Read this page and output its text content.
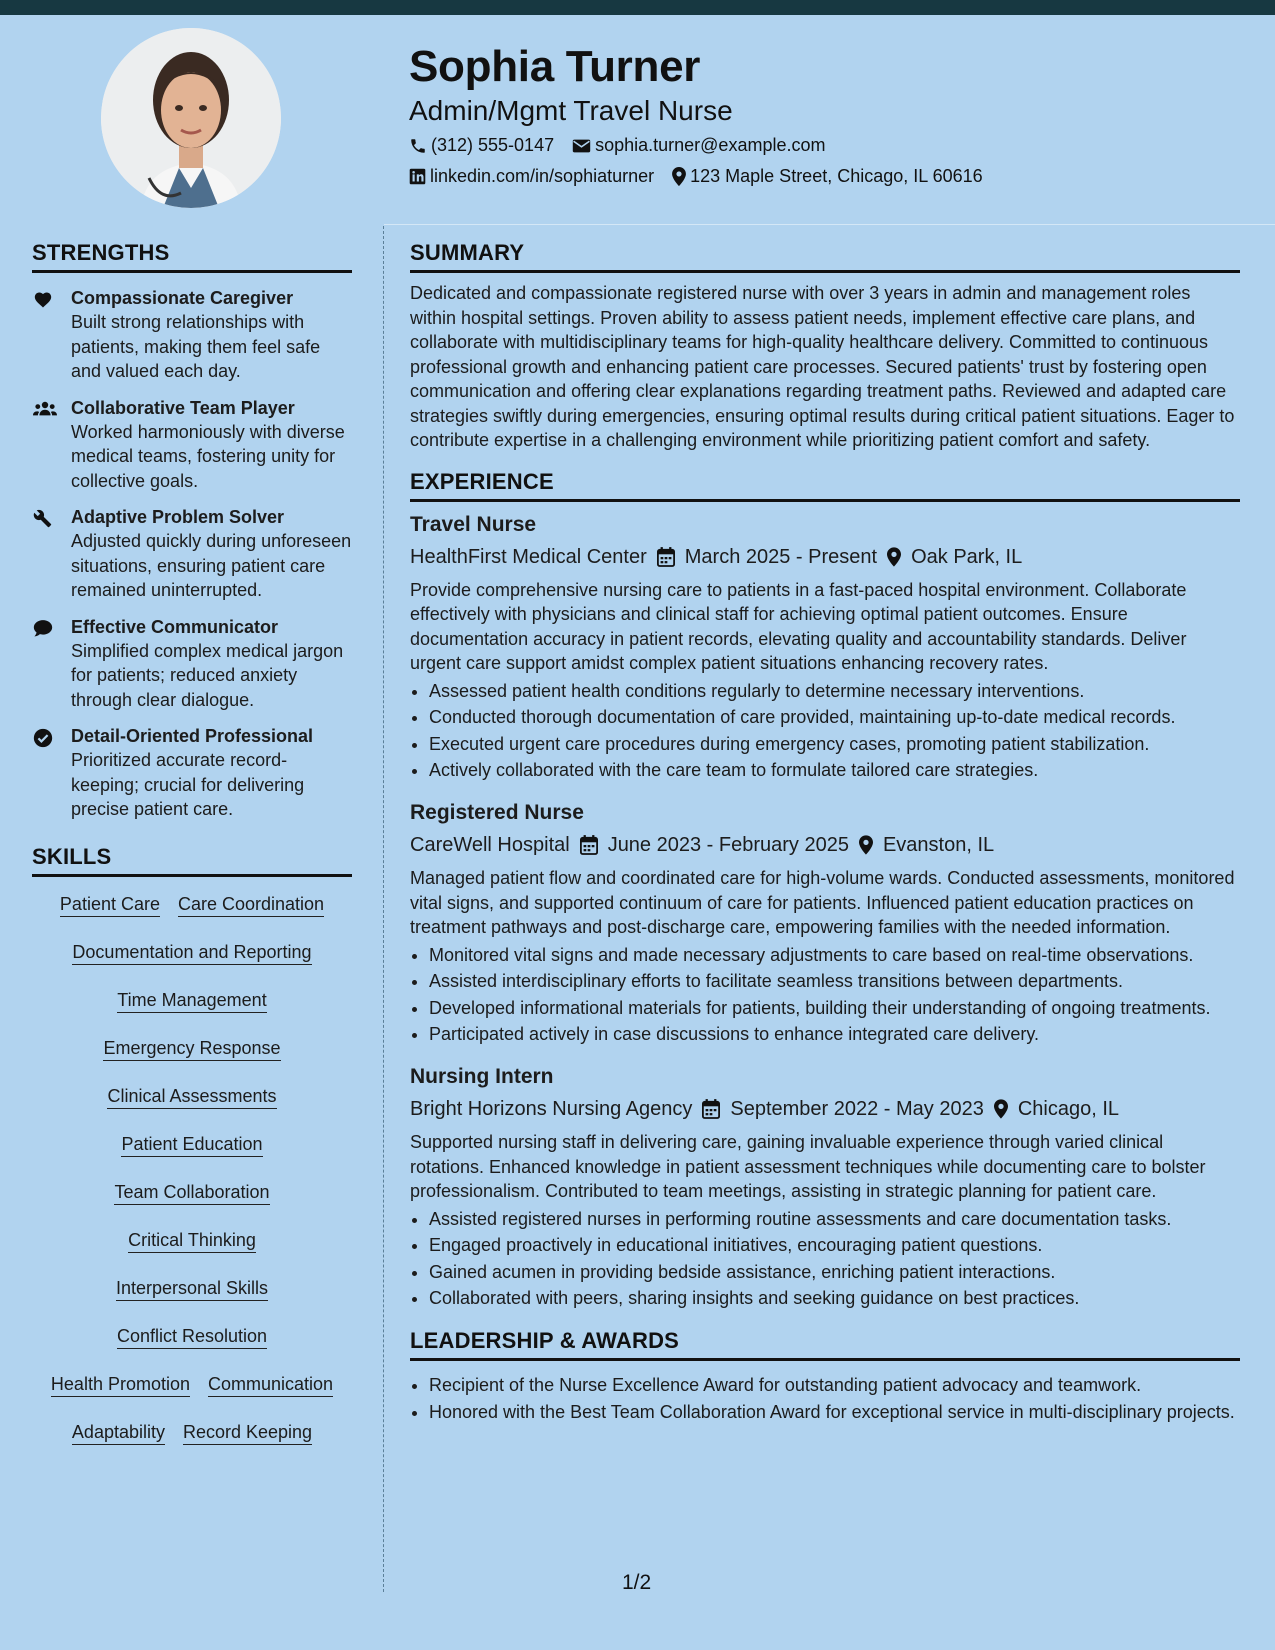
Sophia Turner
Admin/Mgmt Travel Nurse
(312) 555-0147 sophia.turner@example.com
linkedin.com/in/sophiaturner 123 Maple Street, Chicago, IL 60616
STRENGTHS
Compassionate Caregiver
Built strong relationships with patients, making them feel safe and valued each day.
Collaborative Team Player
Worked harmoniously with diverse medical teams, fostering unity for collective goals.
Adaptive Problem Solver
Adjusted quickly during unforeseen situations, ensuring patient care remained uninterrupted.
Effective Communicator
Simplified complex medical jargon for patients; reduced anxiety through clear dialogue.
Detail-Oriented Professional
Prioritized accurate record-keeping; crucial for delivering precise patient care.
SKILLS
Patient Care Care Coordination
Documentation and Reporting
Time Management
Emergency Response
Clinical Assessments
Patient Education
Team Collaboration
Critical Thinking
Interpersonal Skills
Conflict Resolution
Health Promotion Communication
Adaptability Record Keeping
SUMMARY

Dedicated and compassionate registered nurse with over 3 years in admin and management roles within hospital settings. Proven ability to assess patient needs, implement effective care plans, and collaborate with multidisciplinary teams for high-quality healthcare delivery. Committed to continuous professional growth and enhancing patient care processes. Secured patients' trust by fostering open communication and offering clear explanations regarding treatment paths. Reviewed and adapted care strategies swiftly during emergencies, ensuring optimal results during critical patient situations. Eager to contribute expertise in a challenging environment while prioritizing patient comfort and safety.

EXPERIENCE
Travel Nurse
HealthFirst Medical Center March 2025 - Present Oak Park, IL

Provide comprehensive nursing care to patients in a fast-paced hospital environment. Collaborate effectively with physicians and clinical staff for achieving optimal patient outcomes. Ensure documentation accuracy in patient records, elevating quality and accountability standards. Deliver urgent care support amidst complex patient situations enhancing recovery rates.

• Assessed patient health conditions regularly to determine necessary interventions.
• Conducted thorough documentation of care provided, maintaining up-to-date medical records.
• Executed urgent care procedures during emergency cases, promoting patient stabilization.
• Actively collaborated with the care team to formulate tailored care strategies.
Registered Nurse
CareWell Hospital June 2023 - February 2025 Evanston, IL

Managed patient flow and coordinated care for high-volume wards. Conducted assessments, monitored vital signs, and supported continuum of care for patients. Influenced patient education practices on treatment pathways and post-discharge care, empowering families with the needed information.

• Monitored vital signs and made necessary adjustments to care based on real-time observations.
• Assisted interdisciplinary efforts to facilitate seamless transitions between departments.
• Developed informational materials for patients, building their understanding of ongoing treatments.
• Participated actively in case discussions to enhance integrated care delivery.
Nursing Intern
Bright Horizons Nursing Agency September 2022 - May 2023 Chicago, IL

Supported nursing staff in delivering care, gaining invaluable experience through varied clinical rotations. Enhanced knowledge in patient assessment techniques while documenting care to bolster professionalism. Contributed to team meetings, assisting in strategic planning for patient care.

• Assisted registered nurses in performing routine assessments and care documentation tasks.
• Engaged proactively in educational initiatives, encouraging patient questions.
• Gained acumen in providing bedside assistance, enriching patient interactions.
• Collaborated with peers, sharing insights and seeking guidance on best practices.
LEADERSHIP & AWARDS
• Recipient of the Nurse Excellence Award for outstanding patient advocacy and teamwork.
• Honored with the Best Team Collaboration Award for exceptional service in multi-disciplinary projects.
1/2
